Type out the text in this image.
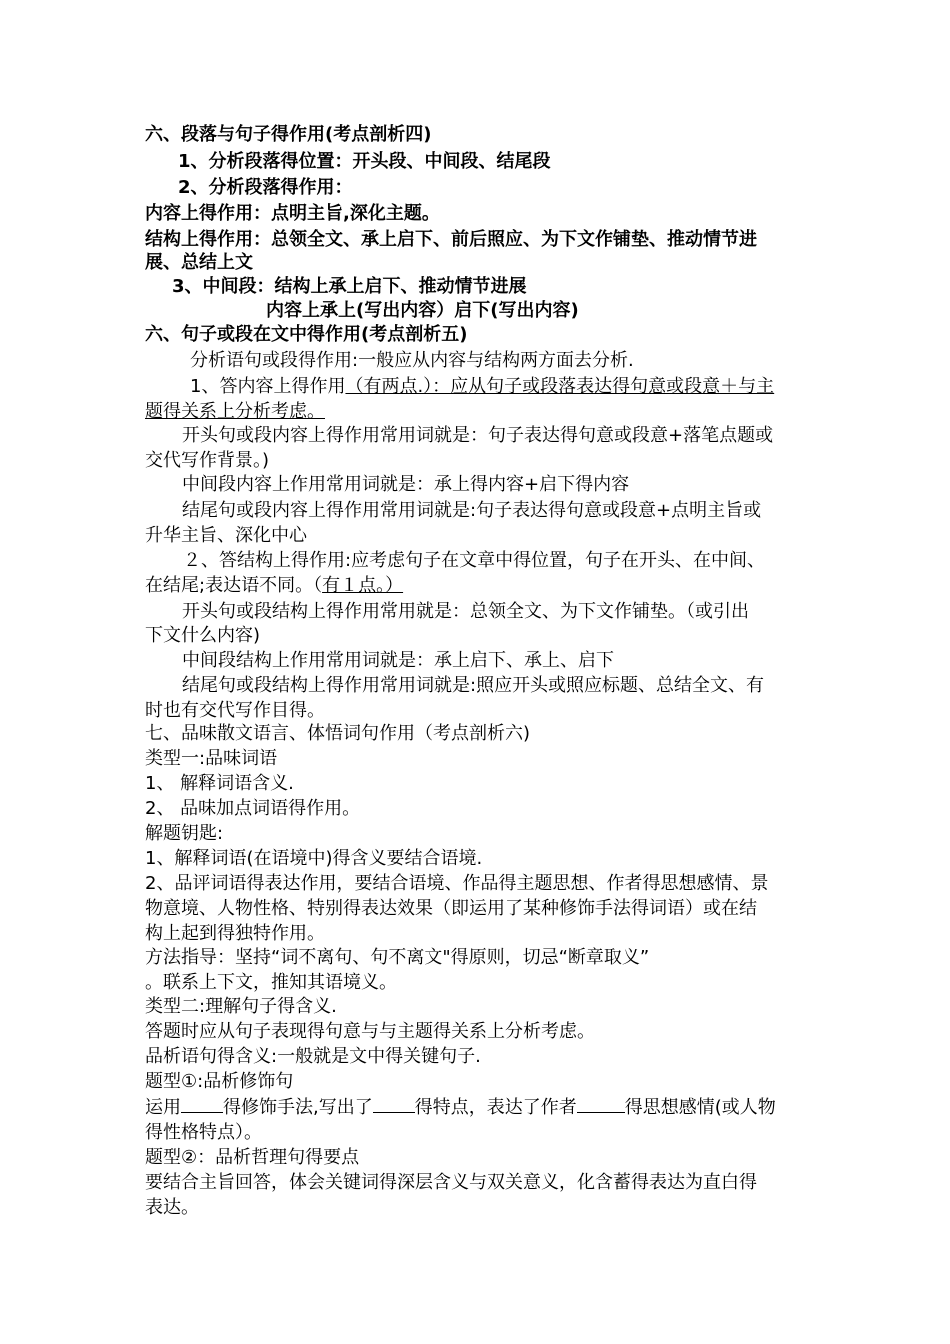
六、段落与句子得作用(考点剖析四)
1、分析段落得位置：开头段、中间段、结尾段
2、分析段落得作用：
内容上得作用：点明主旨,深化主题。
结构上得作用：总领全文、承上启下、前后照应、为下文作铺垫、推动情节进
展、总结上文
3、中间段：结构上承上启下、推动情节进展
内容上承上(写出内容）启下(写出内容)
六、句子或段在文中得作用(考点剖析五)
分析语句或段得作用:一般应从内容与结构两方面去分析.
1、答内容上得作用（有两点.）：应从句子或段落表达得句意或段意＋与主
题得关系上分析考虑。
开头句或段内容上得作用常用词就是：句子表达得句意或段意+落笔点题或
交代写作背景。)
中间段内容上作用常用词就是：承上得内容+启下得内容
结尾句或段内容上得作用常用词就是:句子表达得句意或段意+点明主旨或
升华主旨、深化中心
２、答结构上得作用:应考虑句子在文章中得位置，句子在开头、在中间、
在结尾;表达语不同。（有１点。）
开头句或段结构上得作用常用就是：总领全文、为下文作铺垫。（或引出
下文什么内容)
中间段结构上作用常用词就是：承上启下、承上、启下
结尾句或段结构上得作用常用词就是:照应开头或照应标题、总结全文、有
时也有交代写作目得。
七、品味散文语言、体悟词句作用（考点剖析六)
类型一:品味词语
1、 解释词语含义.
2、 品味加点词语得作用。
解题钥匙:
1、解释词语(在语境中)得含义要结合语境.
2、品评词语得表达作用，要结合语境、作品得主题思想、作者得思想感情、景
物意境、人物性格、特别得表达效果（即运用了某种修饰手法得词语）或在结
构上起到得独特作用。
方法指导：坚持“词不离句、句不离文"得原则，切忌“断章取义”
。联系上下文，推知其语境义。
类型二:理解句子得含义.
答题时应从句子表现得句意与与主题得关系上分析考虑。
品析语句得含义:一般就是文中得关键句子.
题型①:品析修饰句
运用 得修饰手法,写出了 得特点，表达了作者	得思想感情(或人物
得性格特点）。
题型②：品析哲理句得要点
要结合主旨回答，体会关键词得深层含义与双关意义，化含蓄得表达为直白得
表达。
